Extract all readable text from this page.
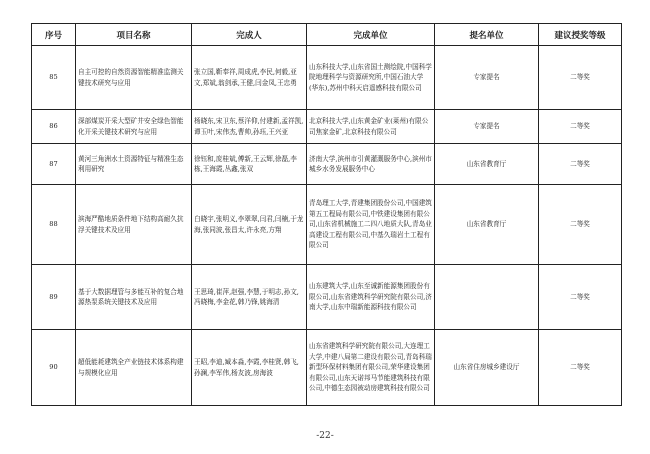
序号	项目名称	完成人	完成单位	提名单位	建议授奖等级
85	自主可控的自然资源智能精准监测关键技术研究与应用	张立国,靳奉祥,周成虎,李民,何毅,亚文,郑斌,翁剑承,王健,闫金凤,王忠勇	山东科技大学,山东省国土测绘院,中国科学院地理科学与资源研究所,中国石油大学(华东),苏州中科天启遥感科技有限公司	专家提名	二等奖
86	深部煤炭开采大型矿井安全绿色智能化开采关键技术研究与应用	杨晓东,宋卫东,蔡洋仰,付建新,孟祥凯,谭玉叶,宋伟杰,曹帅,孙珏,王兴亚	北京科技大学,山东黄金矿业(莱州)有限公司焦家金矿,北京科技有限公司	专家提名	二等奖
87	黄河三角洲水土资源特征与精准生态利用研究	徐钰和,庞桂斌,傅新,王云辉,徐磊,李栋,王海霞,丛鑫,张双	济南大学,滨州市引黄灌溉服务中心,滨州市城乡水务发展服务中心	山东省教育厅	二等奖
88	滨海严酷地质条件地下结构高耐久抗浮关键技术及应用	白晓宇,张明义,李翠翠,闫君,闫楠,于龙海,张同波,张昌太,许永亮,方翔	青岛理工大学,青建集团股份公司,中国建筑第五工程局有限公司,中铁建设集团有限公司,山东省机械施工二四八地质大队,青岛业高建设工程有限公司,中基久瑞岩土工程有限公司	山东省教育厅	二等奖
89	基于大数据理管与多能互补的复合地源热泵系统关键技术及应用	王思琦,崔萍,赵强,李慧,于明志,孙文,冯晓梅,李金花,韩乃锋,姚海清	山东建筑大学,山东至诚新能源集团股份有限公司,山东省建筑科学研究院有限公司,济南大学,山东中瑞新能源科技有限公司		二等奖
90	超低能耗建筑全产业链技术体系构建与规模化应用	王昭,李迪,臧本淼,李霞,李桂贤,韩飞,孙澜,李军伟,杨友波,房海波	山东省建筑科学研究院有限公司,大连理工大学,中建八局第二建设有限公司,青岛科瑞新型环保材料集团有限公司,荣华建设集团有限公司,山东天诺邦马节能建筑科技有限公司,中德生态园被动房建筑科技有限公司	山东省住房城乡建设厅	二等奖
-22-
